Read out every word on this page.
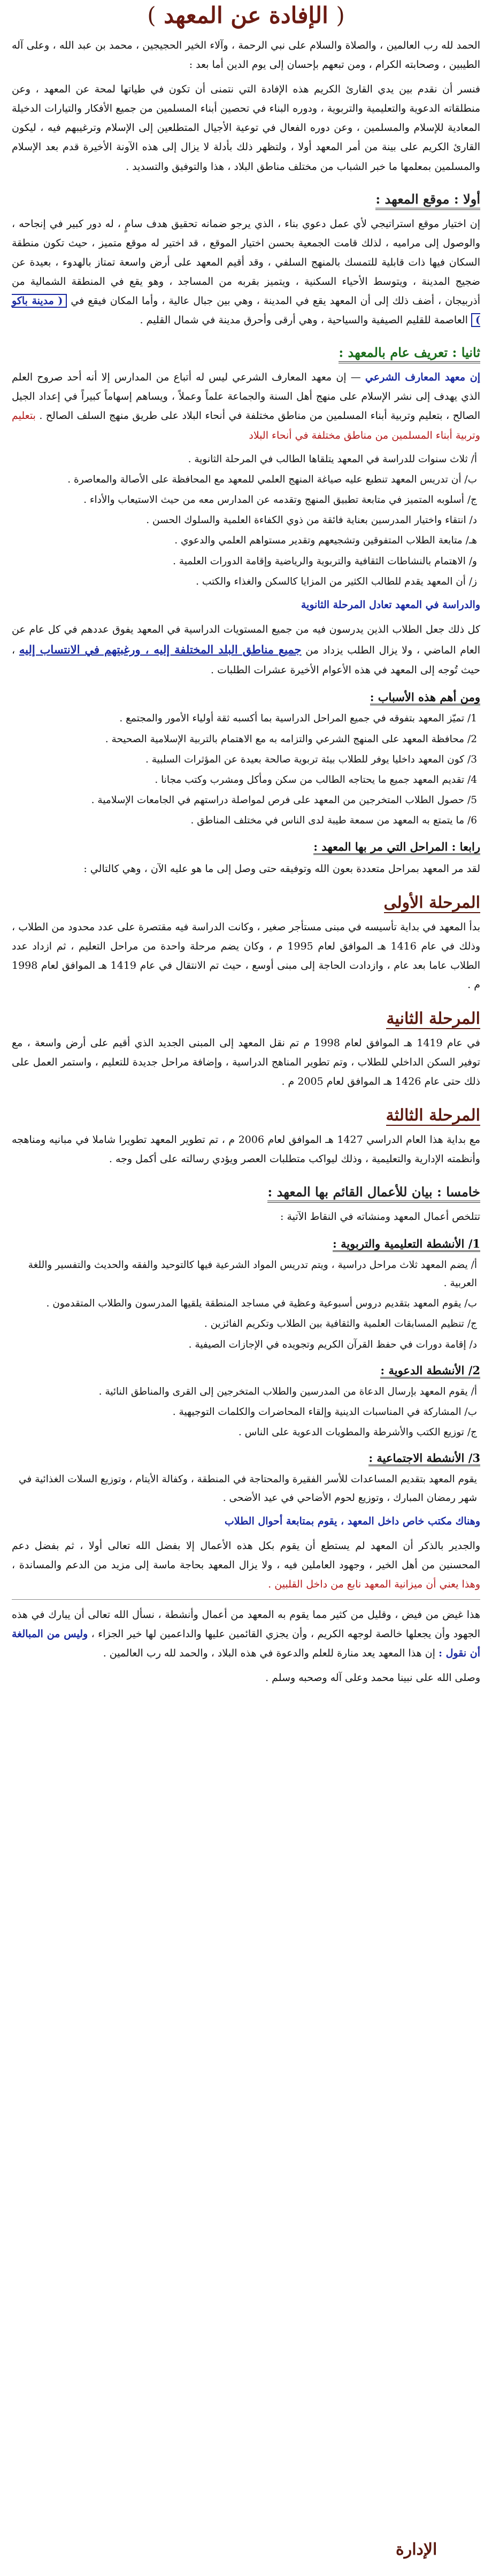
( الإفادة عن المعهد )

الحمد لله رب العالمين ، والصلاة والسلام على نبي الرحمة ، وآلاء الخير الحجيجين ، محمد بن عبد الله ، وعلى آله الطيبين ، وصحابته الكرام ، ومن تبعهم بإحسان إلى يوم الدين أما بعد :

فنسر أن نقدم بين يدي القارئ الكريم هذه الإفادة التي نتمنى أن تكون في طياتها لمحة عن المعهد ، وعن منطلقاته الدعوية والتعليمية والتربوية ، ودوره البناء في تحصين أبناء المسلمين من جميع الأفكار والتيارات الدخيلة المعادية للإسلام والمسلمين ، وعن دوره الفعال في توعية الأجيال المتطلعين إلى الإسلام وترغيبهم فيه ، ليكون القارئ الكريم على بينة من أمر المعهد أولا ، ولتظهر ذلك بأدلة لا يزال إلى هذه الآونة الأخيرة قدم بعد الإسلام والمسلمين بمعلمها ما خبر الشباب من مختلف مناطق البلاد ، هذا والتوفيق والتسديد .

أولا : موقع المعهد :

إن اختيار موقع استراتيجي لأي عمل دعوي بناء ، الذي يرجو ضمانه تحقيق هدف سامٍ ، له دور كبير في إنجاحه ، والوصول إلى مراميه ، لذلك قامت الجمعية بحسن اختيار الموقع ، قد اختير له موقع متميز ، حيث تكون منطقة السكان فيها ذات قابلية للتمسك بالمنهج السلفي ، وقد أقيم المعهد على أرض واسعة تمتاز بالهدوء ، بعيدة عن ضجيج المدينة ، ويتوسط الأحياء السكنية ، ويتميز بقربه من المساجد ، وهو يقع في المنطقة الشمالية من أذربيجان ، أضف ذلك إلى أن المعهد يقع في المدينة ، وهي بين جبال عالية ، وأما المكان فيقع في ( مدينة باكو ) العاصمة للقليم الصيفية والسياحية ، وهي أرقى وأحرق مدينة في شمال القليم .

ثانيا : تعريف عام بالمعهد :

إن معهد المعارف الشرعي — إن معهد المعارف الشرعي ليس له أتباع من المدارس إلا أنه أحد صروح العلم الذي يهدف إلى نشر الإسلام على منهج أهل السنة والجماعة علماً وعملاً ، ويساهم إسهاماً كبيراً في إعداد الجيل الصالح ، بتعليم وتربية أبناء المسلمين من مناطق مختلفة في أنحاء البلاد على طريق منهج السلف الصالح . بتعليم وتربية أبناء المسلمين من مناطق مختلفة في أنحاء البلاد

أ/ ثلاث سنوات للدراسة في المعهد يتلقاها الطالب في المرحلة الثانوية .
ب/ أن تدريس المعهد تنطبع عليه صياغة المنهج العلمي للمعهد مع المحافظة على الأصالة والمعاصرة .
ج/ أسلوبه المتميز في متابعة تطبيق المنهج وتقدمه عن المدارس معه من حيث الاستيعاب والأداء .
د/ انتقاء واختيار المدرسين بعناية فائقة من ذوي الكفاءة العلمية والسلوك الحسن .
هـ/ متابعة الطلاب المتفوقين وتشجيعهم وتقدير مستواهم العلمي والدعوي .
و/ الاهتمام بالنشاطات الثقافية والتربوية والرياضية وإقامة الدورات العلمية .
ز/ أن المعهد يقدم للطالب الكثير من المزايا كالسكن والغذاء والكتب .

والدراسة في المعهد تعادل المرحلة الثانوية

كل ذلك جعل الطلاب الذين يدرسون فيه من جميع المستويات الدراسية في المعهد يفوق عددهم في كل عام عن العام الماضي ، ولا يزال الطلب يزداد من جميع مناطق البلد المختلفة إليه ، ورغبتهم في الانتساب إليه ، حيث تُوجه إلى المعهد في هذه الأعوام الأخيرة عشرات الطلبات .

ومن أهم هذه الأسباب :
1/ تميّز المعهد بتفوقه في جميع المراحل الدراسية بما أكسبه ثقة أولياء الأمور والمجتمع .
2/ محافظة المعهد على المنهج الشرعي والتزامه به مع الاهتمام بالتربية الإسلامية الصحيحة .
3/ كون المعهد داخليا يوفر للطلاب بيئة تربوية صالحة بعيدة عن المؤثرات السلبية .
4/ تقديم المعهد جميع ما يحتاجه الطالب من سكن ومأكل ومشرب وكتب مجانا .
5/ حصول الطلاب المتخرجين من المعهد على فرص لمواصلة دراستهم في الجامعات الإسلامية .
6/ ما يتمتع به المعهد من سمعة طيبة لدى الناس في مختلف المناطق .
رابعا : المراحل التي مر بها المعهد :

لقد مر المعهد بمراحل متعددة بعون الله وتوفيقه حتى وصل إلى ما هو عليه الآن ، وهي كالتالي :

المرحلة الأولى

بدأ المعهد في بداية تأسيسه في مبنى مستأجر صغير ، وكانت الدراسة فيه مقتصرة على عدد محدود من الطلاب ، وذلك في عام 1416 هـ الموافق لعام 1995 م ، وكان يضم مرحلة واحدة من مراحل التعليم ، ثم ازداد عدد الطلاب عاما بعد عام ، وازدادت الحاجة إلى مبنى أوسع ، حيث تم الانتقال في عام 1419 هـ الموافق لعام 1998 م .

المرحلة الثانية

في عام 1419 هـ الموافق لعام 1998 م تم نقل المعهد إلى المبنى الجديد الذي أقيم على أرض واسعة ، مع توفير السكن الداخلي للطلاب ، وتم تطوير المناهج الدراسية ، وإضافة مراحل جديدة للتعليم ، واستمر العمل على ذلك حتى عام 1426 هـ الموافق لعام 2005 م .

المرحلة الثالثة

مع بداية هذا العام الدراسي 1427 هـ الموافق لعام 2006 م ، تم تطوير المعهد تطويرا شاملا في مبانيه ومناهجه وأنظمته الإدارية والتعليمية ، وذلك ليواكب متطلبات العصر ويؤدي رسالته على أكمل وجه .

خامسا : بيان للأعمال القائم بها المعهد :

تتلخص أعمال المعهد ومنشاته في النقاط الآتية :

1/ الأنشطة التعليمية والتربوية :
أ/ يضم المعهد ثلاث مراحل دراسية ، ويتم تدريس المواد الشرعية فيها كالتوحيد والفقه والحديث والتفسير واللغة العربية .
ب/ يقوم المعهد بتقديم دروس أسبوعية وعظية في مساجد المنطقة يلقيها المدرسون والطلاب المتقدمون .
ج/ تنظيم المسابقات العلمية والثقافية بين الطلاب وتكريم الفائزين .
د/ إقامة دورات في حفظ القرآن الكريم وتجويده في الإجازات الصيفية .
2/ الأنشطة الدعوية :
أ/ يقوم المعهد بإرسال الدعاة من المدرسين والطلاب المتخرجين إلى القرى والمناطق النائية .
ب/ المشاركة في المناسبات الدينية وإلقاء المحاضرات والكلمات التوجيهية .
ج/ توزيع الكتب والأشرطة والمطويات الدعوية على الناس .
3/ الأنشطة الاجتماعية :
يقوم المعهد بتقديم المساعدات للأسر الفقيرة والمحتاجة في المنطقة ، وكفالة الأيتام ، وتوزيع السلات الغذائية في شهر رمضان المبارك ، وتوزيع لحوم الأضاحي في عيد الأضحى .

وهناك مكتب خاص داخل المعهد ، يقوم بمتابعة أحوال الطلاب

والجدير بالذكر أن المعهد لم يستطع أن يقوم بكل هذه الأعمال إلا بفضل الله تعالى أولا ، ثم بفضل دعم المحسنين من أهل الخير ، وجهود العاملين فيه ، ولا يزال المعهد بحاجة ماسة إلى مزيد من الدعم والمساندة ، وهذا يعني أن ميزانية المعهد نابع من داخل القلبين .

هذا غيض من فيض ، وقليل من كثير مما يقوم به المعهد من أعمال وأنشطة ، نسأل الله تعالى أن يبارك في هذه الجهود وأن يجعلها خالصة لوجهه الكريم ، وأن يجزي القائمين عليها والداعمين لها خير الجزاء ، وليس من المبالغة أن نقول : إن هذا المعهد يعد منارة للعلم والدعوة في هذه البلاد ، والحمد لله رب العالمين .

وصلى الله على نبينا محمد وعلى آله وصحبه وسلم .

الإدارة
